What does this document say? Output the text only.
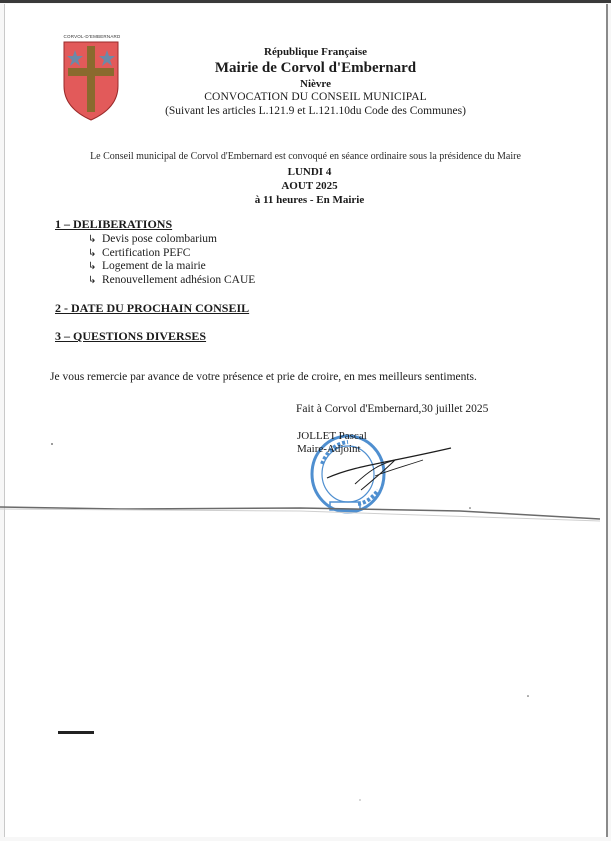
CORVOL-D'EMBERNARD
République Française
Mairie de Corvol d'Embernard
Nièvre
CONVOCATION DU CONSEIL MUNICIPAL
(Suivant les articles L.121.9 et L.121.10du Code des Communes)
Le Conseil municipal de Corvol d'Embernard est convoqué en séance ordinaire sous la présidence du Maire
LUNDI 4
AOUT 2025
à 11 heures - En Mairie
1 – DELIBERATIONS
↳ Devis pose colombarium
↳ Certification PEFC
↳ Logement de la mairie
↳ Renouvellement adhésion CAUE
2 - DATE DU PROCHAIN CONSEIL
3 – QUESTIONS DIVERSES
Je vous remercie par avance de votre présence et prie de croire, en mes meilleurs sentiments.
Fait à Corvol d'Embernard,30 juillet 2025
JOLLET Pascal
Maire-Adjoint
